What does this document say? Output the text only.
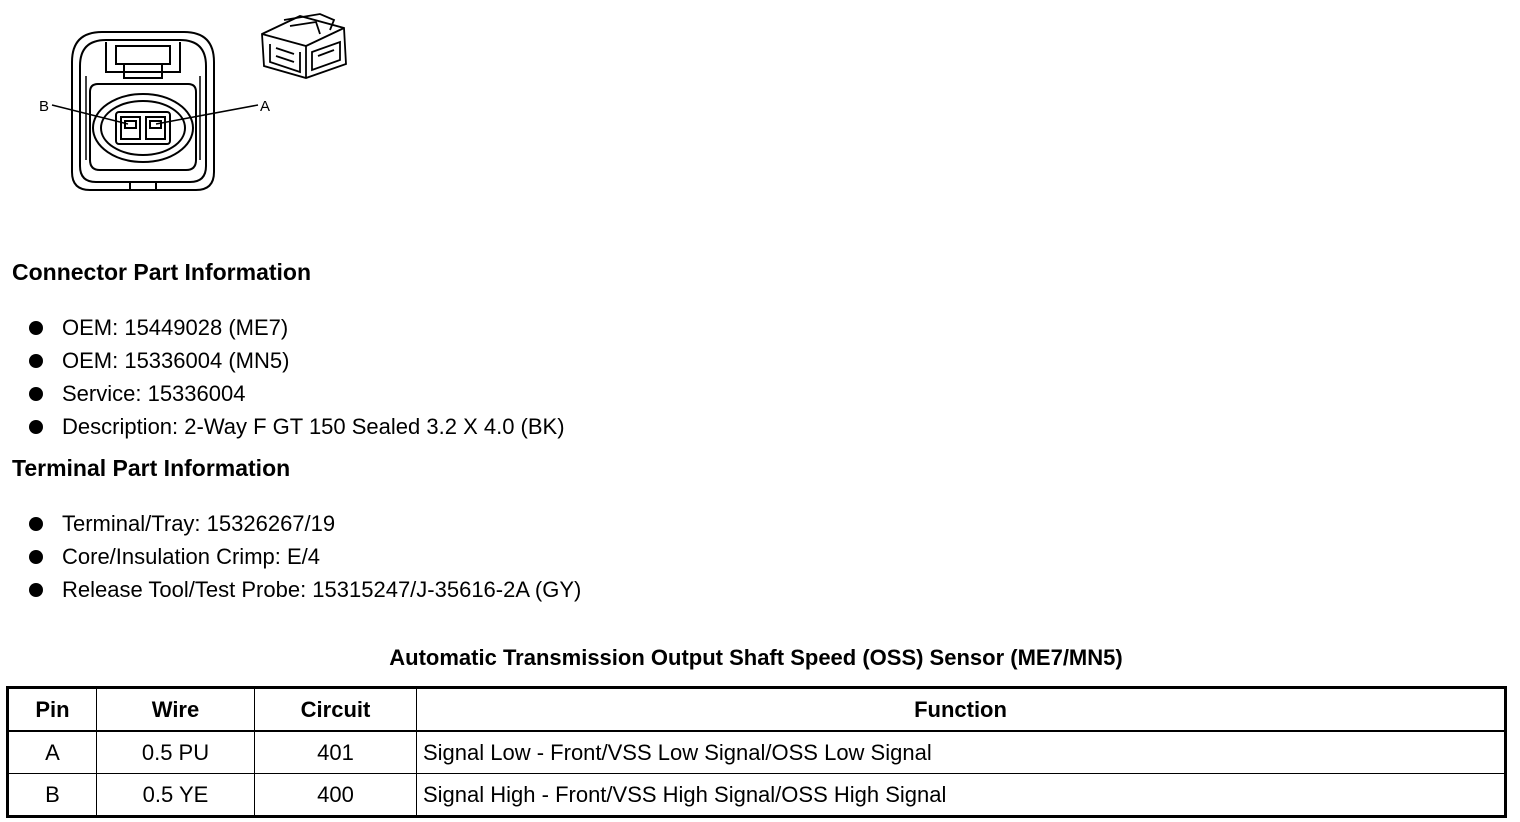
B	A
Connector Part Information
OEM: 15449028 (ME7)
OEM: 15336004 (MN5)
Service: 15336004
Description: 2-Way F GT 150 Sealed 3.2 X 4.0 (BK)
Terminal Part Information
Terminal/Tray: 15326267/19
Core/Insulation Crimp: E/4
Release Tool/Test Probe: 15315247/J-35616-2A (GY)
Automatic Transmission Output Shaft Speed (OSS) Sensor (ME7/MN5)
Pin	Wire	Circuit	Function
A	0.5 PU	401	Signal Low - Front/VSS Low Signal/OSS Low Signal
B	0.5 YE	400	Signal High - Front/VSS High Signal/OSS High Signal
